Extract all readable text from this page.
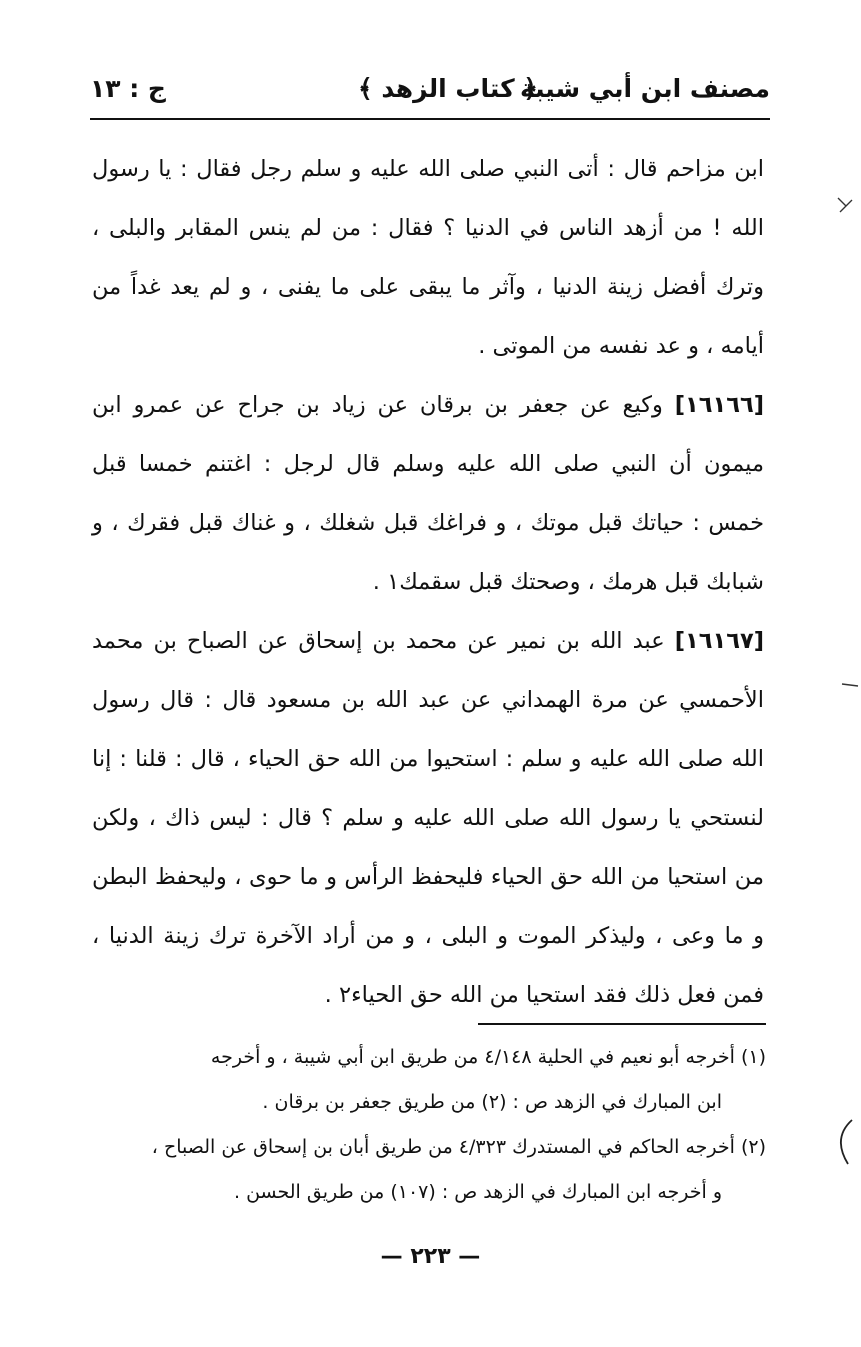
مصنف ابن أبي شيبة
﴿ كتاب الزهد ﴾
ج : ١٣

ابن مزاحم قال : أتى النبي صلى الله عليه و سلم رجل فقال : يا رسول الله ! من أزهد الناس في الدنيا ؟ فقال : من لم ينس المقابر والبلى ، وترك أفضل زينة الدنيا ، وآثر ما يبقى على ما يفنى ، و لم يعد غداً من أيامه ، و عد نفسه من الموتى .

[١٦١٦٦] وكيع عن جعفر بن برقان عن زياد بن جراح عن عمرو ابن ميمون أن النبي صلى الله عليه وسلم قال لرجل : اغتنم خمسا قبل خمس : حياتك قبل موتك ، و فراغك قبل شغلك ، و غناك قبل فقرك ، و شبابك قبل هرمك ، وصحتك قبل سقمك١ .

[١٦١٦٧] عبد الله بن نمير عن محمد بن إسحاق عن الصباح بن محمد الأحمسي عن مرة الهمداني عن عبد الله بن مسعود قال : قال رسول الله صلى الله عليه و سلم : استحيوا من الله حق الحياء ، قال : قلنا : إنا لنستحي يا رسول الله صلى الله عليه و سلم ؟ قال : ليس ذاك ، ولكن من استحيا من الله حق الحياء فليحفظ الرأس و ما حوى ، وليحفظ البطن و ما وعى ، وليذكر الموت و البلى ، و من أراد الآخرة ترك زينة الدنيا ، فمن فعل ذلك فقد استحيا من الله حق الحياء٢ .

(١) أخرجه أبو نعيم في الحلية ٤/١٤٨ من طريق ابن أبي شيبة ، و أخرجه

ابن المبارك في الزهد ص : (٢) من طريق جعفر بن برقان .

(٢) أخرجه الحاكم في المستدرك ٤/٣٢٣ من طريق أبان بن إسحاق عن الصباح ،

و أخرجه ابن المبارك في الزهد ص : (١٠٧) من طريق الحسن .

— ٢٢٣ —
